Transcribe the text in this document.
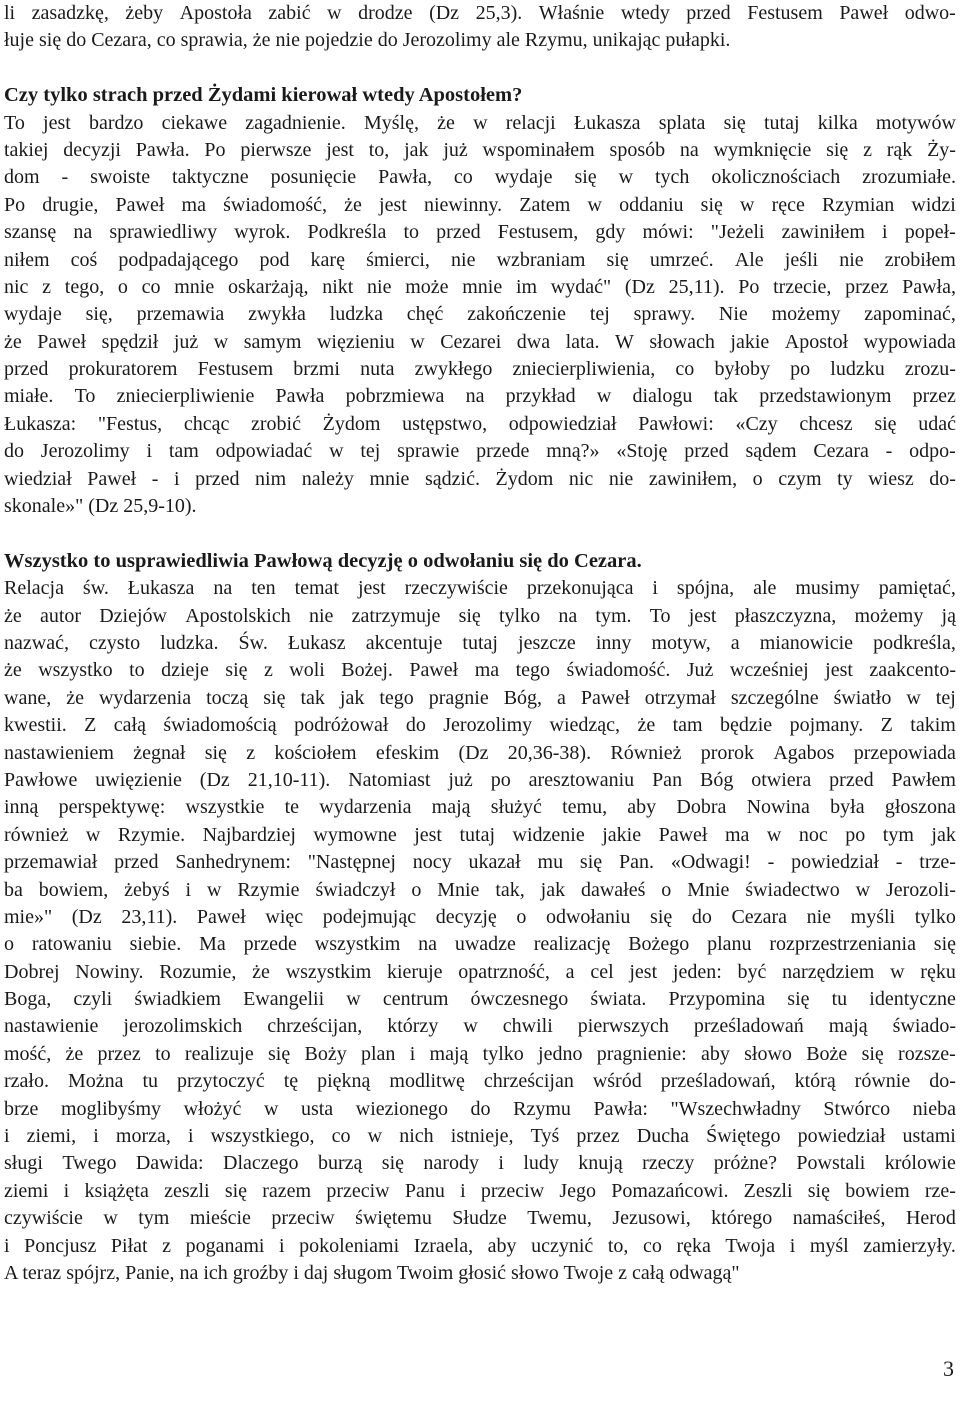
li zasadzkę, żeby Apostoła zabić w drodze (Dz 25,3). Właśnie wtedy przed Festusem Paweł odwo-
łuje się do Cezara, co sprawia, że nie pojedzie do Jerozolimy ale Rzymu, unikając pułapki.
Czy tylko strach przed Żydami kierował wtedy Apostołem?
To jest bardzo ciekawe zagadnienie. Myślę, że w relacji Łukasza splata się tutaj kilka motywów
takiej decyzji Pawła. Po pierwsze jest to, jak już wspominałem sposób na wymknięcie się z rąk Ży-
dom - swoiste taktyczne posunięcie Pawła, co wydaje się w tych okolicznościach zrozumiałe.
Po drugie, Paweł ma świadomość, że jest niewinny. Zatem w oddaniu się w ręce Rzymian widzi
szansę na sprawiedliwy wyrok. Podkreśla to przed Festusem, gdy mówi: "Jeżeli zawiniłem i popeł-
niłem coś podpadającego pod karę śmierci, nie wzbraniam się umrzeć. Ale jeśli nie zrobiłem
nic z tego, o co mnie oskarżają, nikt nie może mnie im wydać" (Dz 25,11). Po trzecie, przez Pawła,
wydaje się, przemawia zwykła ludzka chęć zakończenie tej sprawy. Nie możemy zapominać,
że Paweł spędził już w samym więzieniu w Cezarei dwa lata. W słowach jakie Apostoł wypowiada
przed prokuratorem Festusem brzmi nuta zwykłego zniecierpliwienia, co byłoby po ludzku zrozu-
miałe. To zniecierpliwienie Pawła pobrzmiewa na przykład w dialogu tak przedstawionym przez
Łukasza: "Festus, chcąc zrobić Żydom ustępstwo, odpowiedział Pawłowi: «Czy chcesz się udać
do Jerozolimy i tam odpowiadać w tej sprawie przede mną?» «Stoję przed sądem Cezara - odpo-
wiedział Paweł - i przed nim należy mnie sądzić. Żydom nic nie zawiniłem, o czym ty wiesz do-
skonale»" (Dz 25,9-10).
Wszystko to usprawiedliwia Pawłową decyzję o odwołaniu się do Cezara.
Relacja św. Łukasza na ten temat jest rzeczywiście przekonująca i spójna, ale musimy pamiętać,
że autor Dziejów Apostolskich nie zatrzymuje się tylko na tym. To jest płaszczyzna, możemy ją
nazwać, czysto ludzka. Św. Łukasz akcentuje tutaj jeszcze inny motyw, a mianowicie podkreśla,
że wszystko to dzieje się z woli Bożej. Paweł ma tego świadomość. Już wcześniej jest zaakcento-
wane, że wydarzenia toczą się tak jak tego pragnie Bóg, a Paweł otrzymał szczególne światło w tej
kwestii. Z całą świadomością podróżował do Jerozolimy wiedząc, że tam będzie pojmany. Z takim
nastawieniem żegnał się z kościołem efeskim (Dz 20,36-38). Również prorok Agabos przepowiada
Pawłowe uwięzienie (Dz 21,10-11). Natomiast już po aresztowaniu Pan Bóg otwiera przed Pawłem
inną perspektywę: wszystkie te wydarzenia mają służyć temu, aby Dobra Nowina była głoszona
również w Rzymie. Najbardziej wymowne jest tutaj widzenie jakie Paweł ma w noc po tym jak
przemawiał przed Sanhedrynem: "Następnej nocy ukazał mu się Pan. «Odwagi! - powiedział - trze-
ba bowiem, żebyś i w Rzymie świadczył o Mnie tak, jak dawałeś o Mnie świadectwo w Jerozoli-
mie»" (Dz 23,11). Paweł więc podejmując decyzję o odwołaniu się do Cezara nie myśli tylko
o ratowaniu siebie. Ma przede wszystkim na uwadze realizację Bożego planu rozprzestrzeniania się
Dobrej Nowiny. Rozumie, że wszystkim kieruje opatrzność, a cel jest jeden: być narzędziem w ręku
Boga, czyli świadkiem Ewangelii w centrum ówczesnego świata. Przypomina się tu identyczne
nastawienie jerozolimskich chrześcijan, którzy w chwili pierwszych prześladowań mają świado-
mość, że przez to realizuje się Boży plan i mają tylko jedno pragnienie: aby słowo Boże się rozsze-
rzało. Można tu przytoczyć tę piękną modlitwę chrześcijan wśród prześladowań, którą równie do-
brze moglibyśmy włożyć w usta wiezionego do Rzymu Pawła: "Wszechwładny Stwórco nieba
i ziemi, i morza, i wszystkiego, co w nich istnieje, Tyś przez Ducha Świętego powiedział ustami
sługi Twego Dawida: Dlaczego burzą się narody i ludy knują rzeczy próżne? Powstali królowie
ziemi i książęta zeszli się razem przeciw Panu i przeciw Jego Pomazańcowi. Zeszli się bowiem rze-
czywiście w tym mieście przeciw świętemu Słudze Twemu, Jezusowi, którego namaściłeś, Herod
i Poncjusz Piłat z poganami i pokoleniami Izraela, aby uczynić to, co ręka Twoja i myśl zamierzyły.
A teraz spójrz, Panie, na ich groźby i daj sługom Twoim głosić słowo Twoje z całą odwagą"
3
